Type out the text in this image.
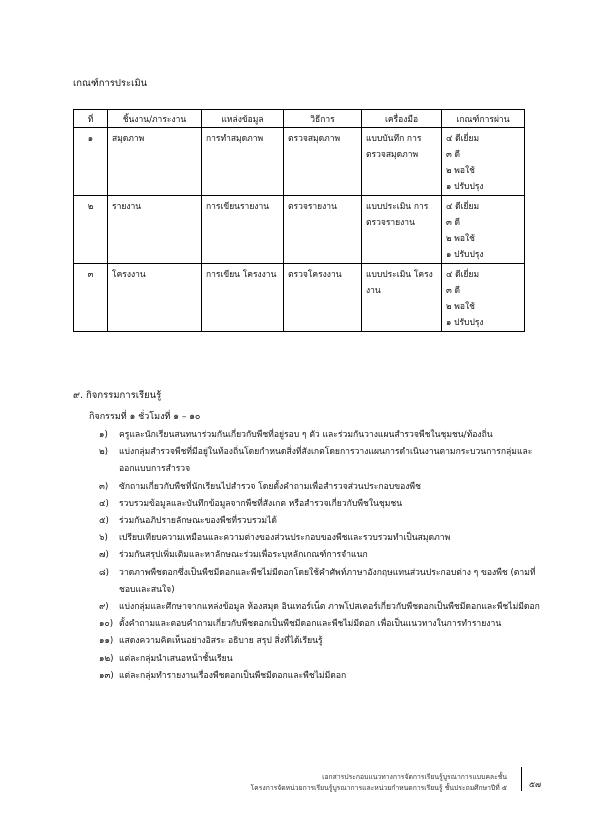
เกณฑ์การประเมิน
ที่	ชิ้นงาน/ภาระงาน	แหล่งข้อมูล	วิธีการ	เครื่องมือ	เกณฑ์การผ่าน
๑	สมุดภาพ	การทำสมุดภาพ	ตรวจสมุดภาพ	แบบบันทึก การตรวจสมุดภาพ	๔ ดีเยี่ยม
๓ ดี
๒ พอใช้
๑ ปรับปรุง

๒	รายงาน	การเขียนรายงาน	ตรวจรายงาน	แบบประเมิน การตรวจรายงาน	๔ ดีเยี่ยม
๓ ดี
๒ พอใช้
๑ ปรับปรุง

๓	โครงงาน	การเขียน โครงงาน	ตรวจโครงงาน	แบบประเมิน โครงงาน	๔ ดีเยี่ยม
๓ ดี
๒ พอใช้
๑ ปรับปรุง

๙. กิจกรรมการเรียนรู้

กิจกรรมที่ ๑ ชั่วโมงที่ ๑ – ๑๐

๑) ครูและนักเรียนสนทนาร่วมกันเกี่ยวกับพืชที่อยู่รอบ ๆ ตัว และร่วมกันวางแผนสำรวจพืชในชุมชน/ท้องถิ่น
๒) แบ่งกลุ่มสำรวจพืชที่มีอยู่ในท้องถิ่นโดยกำหนดสิ่งที่สังเกตโดยการวางแผนการดำเนินงานตามกระบวนการกลุ่มและออกแบบการสำรวจ
๓) ซักถามเกี่ยวกับพืชที่นักเรียนไปสำรวจ โดยตั้งคำถามเพื่อสำรวจส่วนประกอบของพืช
๔) รวบรวมข้อมูลและบันทึกข้อมูลจากพืชที่สังเกต หรือสำรวจเกี่ยวกับพืชในชุมชน
๕) ร่วมกันอภิปรายลักษณะของพืชที่รวบรวมได้
๖) เปรียบเทียบความเหมือนและความต่างของส่วนประกอบของพืชและรวบรวมทำเป็นสมุดภาพ
๗) ร่วมกันสรุปเพิ่มเติมและหาลักษณะร่วมเพื่อระบุหลักเกณฑ์การจำแนก
๘) วาดภาพพืชดอกซึ่งเป็นพืชมีดอกและพืชไม่มีดอกโดยใช้คำศัพท์ภาษาอังกฤษแทนส่วนประกอบต่าง ๆ ของพืช (ตามที่ชอบและสนใจ)
๙) แบ่งกลุ่มและศึกษาจากแหล่งข้อมูล ห้องสมุด อินเทอร์เน็ต ภาพโปสเตอร์เกี่ยวกับพืชดอกเป็นพืชมีดอกและพืชไม่มีดอก
๑๐) ตั้งคำถามและตอบคำถามเกี่ยวกับพืชดอกเป็นพืชมีดอกและพืชไม่มีดอก เพื่อเป็นแนวทางในการทำรายงาน
๑๑) แสดงความคิดเห็นอย่างอิสระ อธิบาย สรุป สิ่งที่ได้เรียนรู้
๑๒) แต่ละกลุ่มนำเสนอหน้าชั้นเรียน
๑๓) แต่ละกลุ่มทำรายงานเรื่องพืชดอกเป็นพืชมีดอกและพืชไม่มีดอก
เอกสารประกอบแนวทางการจัดการเรียนรู้บูรณาการแบบคละชั้น
โครงการจัดหน่วยการเรียนรู้บูรณาการและหน่วยกำหนดการเรียนรู้ ชั้นประถมศึกษาปีที่ ๕	๕๗
